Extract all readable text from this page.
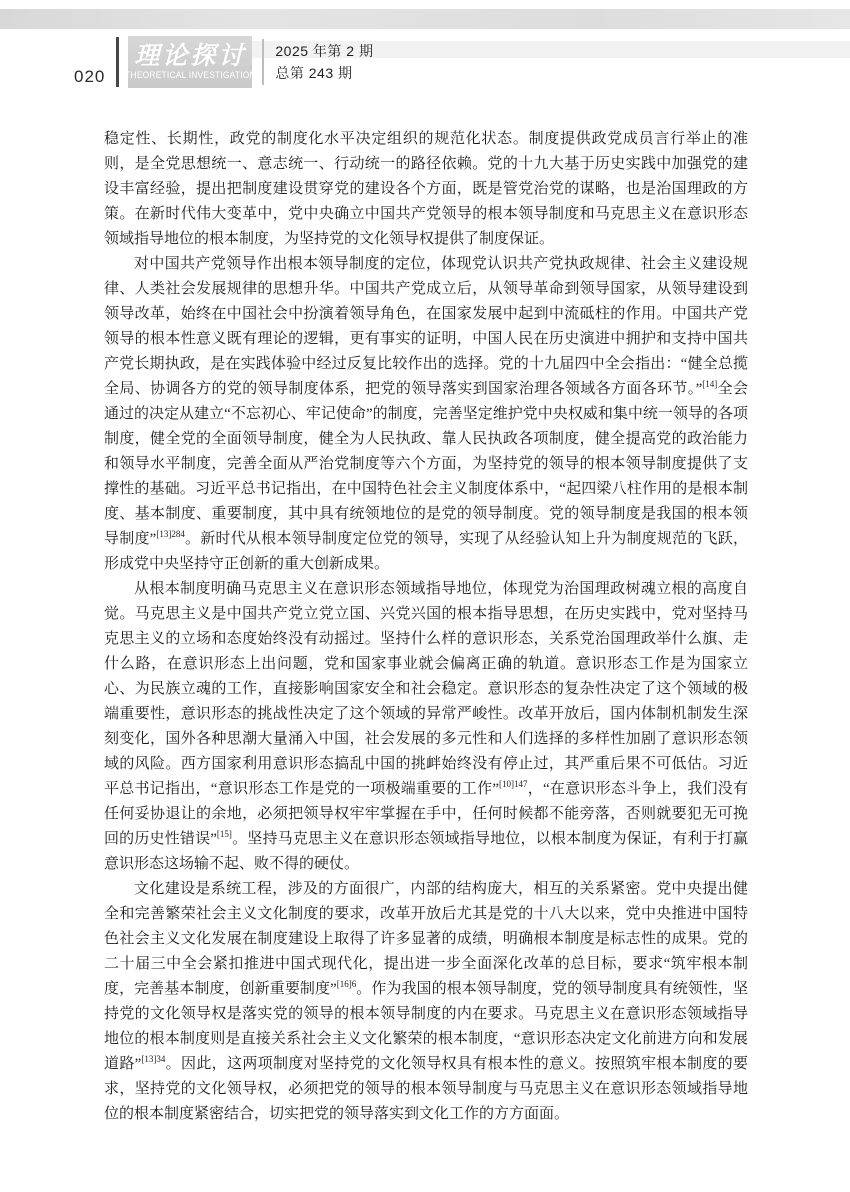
020
理论探讨
THEORETICAL INVESTIGATION
2025 年第 2 期
总第 243 期

稳定性、长期性，政党的制度化水平决定组织的规范化状态。制度提供政党成员言行举止的准则，是全党思想统一、意志统一、行动统一的路径依赖。党的十九大基于历史实践中加强党的建设丰富经验，提出把制度建设贯穿党的建设各个方面，既是管党治党的谋略，也是治国理政的方策。在新时代伟大变革中，党中央确立中国共产党领导的根本领导制度和马克思主义在意识形态领域指导地位的根本制度，为坚持党的文化领导权提供了制度保证。

对中国共产党领导作出根本领导制度的定位，体现党认识共产党执政规律、社会主义建设规律、人类社会发展规律的思想升华。中国共产党成立后，从领导革命到领导国家，从领导建设到领导改革，始终在中国社会中扮演着领导角色，在国家发展中起到中流砥柱的作用。中国共产党领导的根本性意义既有理论的逻辑，更有事实的证明，中国人民在历史演进中拥护和支持中国共产党长期执政，是在实践体验中经过反复比较作出的选择。党的十九届四中全会指出：“健全总揽全局、协调各方的党的领导制度体系，把党的领导落实到国家治理各领域各方面各环节。”[14]全会通过的决定从建立“不忘初心、牢记使命”的制度，完善坚定维护党中央权威和集中统一领导的各项制度，健全党的全面领导制度，健全为人民执政、靠人民执政各项制度，健全提高党的政治能力和领导水平制度，完善全面从严治党制度等六个方面，为坚持党的领导的根本领导制度提供了支撑性的基础。习近平总书记指出，在中国特色社会主义制度体系中，“起四梁八柱作用的是根本制度、基本制度、重要制度，其中具有统领地位的是党的领导制度。党的领导制度是我国的根本领导制度”$^{[13]284}$。新时代从根本领导制度定位党的领导，实现了从经验认知上升为制度规范的飞跃，形成党中央坚持守正创新的重大创新成果。

从根本制度明确马克思主义在意识形态领域指导地位，体现党为治国理政树魂立根的高度自觉。马克思主义是中国共产党立党立国、兴党兴国的根本指导思想，在历史实践中，党对坚持马克思主义的立场和态度始终没有动摇过。坚持什么样的意识形态，关系党治国理政举什么旗、走什么路，在意识形态上出问题，党和国家事业就会偏离正确的轨道。意识形态工作是为国家立心、为民族立魂的工作，直接影响国家安全和社会稳定。意识形态的复杂性决定了这个领域的极端重要性，意识形态的挑战性决定了这个领域的异常严峻性。改革开放后，国内体制机制发生深刻变化，国外各种思潮大量涌入中国，社会发展的多元性和人们选择的多样性加剧了意识形态领域的风险。西方国家利用意识形态搞乱中国的挑衅始终没有停止过，其严重后果不可低估。习近平总书记指出，“意识形态工作是党的一项极端重要的工作”$^{[10]147}$，“在意识形态斗争上，我们没有任何妥协退让的余地，必须把领导权牢牢掌握在手中，任何时候都不能旁落，否则就要犯无可挽回的历史性错误”[15]。坚持马克思主义在意识形态领域指导地位，以根本制度为保证，有利于打赢意识形态这场输不起、败不得的硬仗。

文化建设是系统工程，涉及的方面很广，内部的结构庞大，相互的关系紧密。党中央提出健全和完善繁荣社会主义文化制度的要求，改革开放后尤其是党的十八大以来，党中央推进中国特色社会主义文化发展在制度建设上取得了许多显著的成绩，明确根本制度是标志性的成果。党的二十届三中全会紧扣推进中国式现代化，提出进一步全面深化改革的总目标，要求“筑牢根本制度，完善基本制度，创新重要制度”$^{[16]6}$。作为我国的根本领导制度，党的领导制度具有统领性，坚持党的文化领导权是落实党的领导的根本领导制度的内在要求。马克思主义在意识形态领域指导地位的根本制度则是直接关系社会主义文化繁荣的根本制度，“意识形态决定文化前进方向和发展道路”$^{[13]34}$。因此，这两项制度对坚持党的文化领导权具有根本性的意义。按照筑牢根本制度的要求，坚持党的文化领导权，必须把党的领导的根本领导制度与马克思主义在意识形态领域指导地位的根本制度紧密结合，切实把党的领导落实到文化工作的方方面面。
